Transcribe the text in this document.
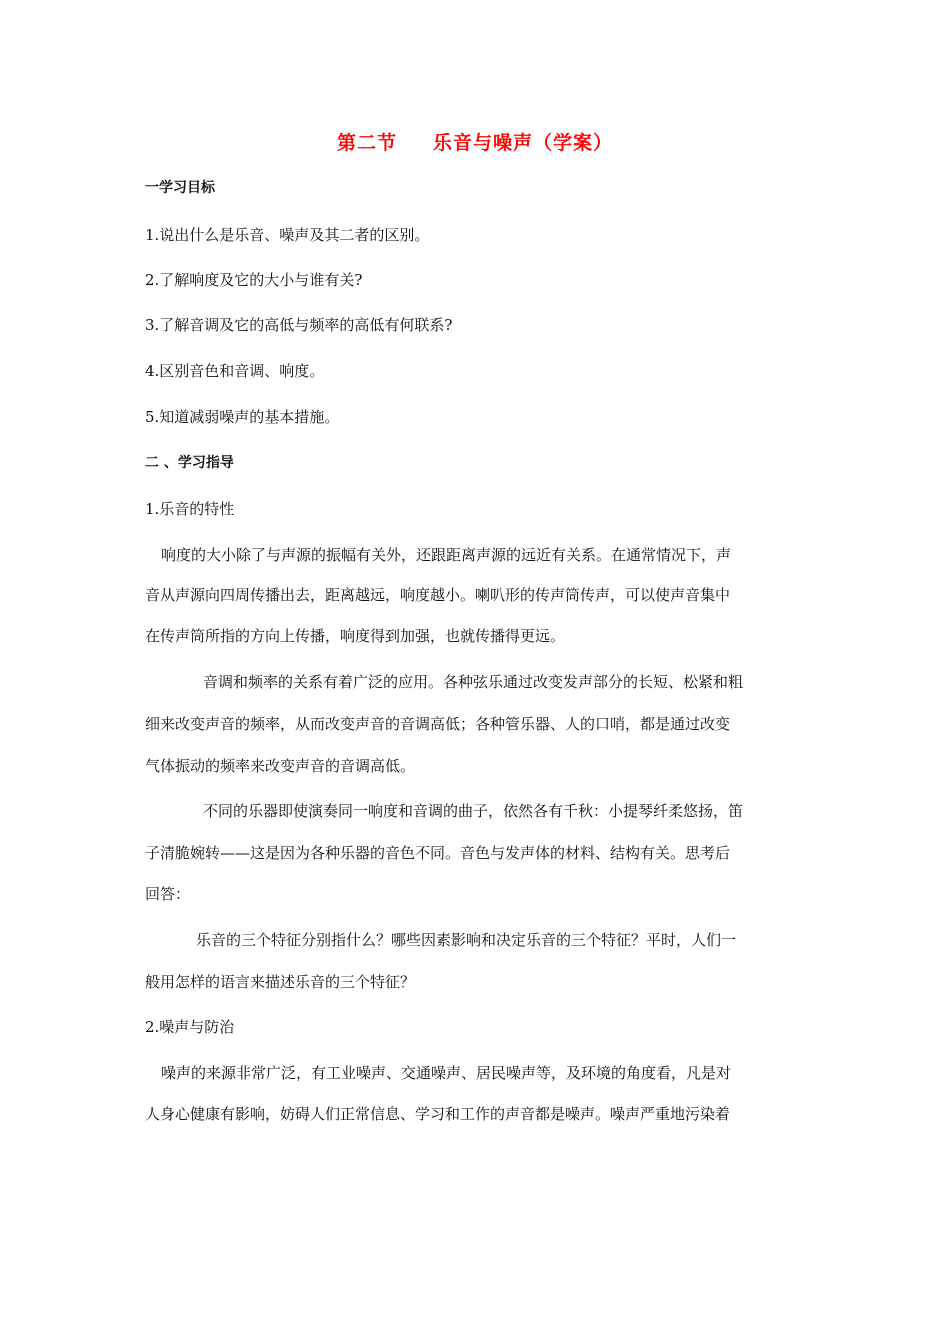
第二节 乐音与噪声（学案）
一学习目标
1.说出什么是乐音、噪声及其二者的区别。
2.了解响度及它的大小与谁有关?
3.了解音调及它的高低与频率的高低有何联系?
4.区别音色和音调、响度。
5.知道减弱噪声的基本措施。
二 、学习指导
1.乐音的特性
响度的大小除了与声源的振幅有关外，还跟距离声源的远近有关系。在通常情况下，声
音从声源向四周传播出去，距离越远，响度越小。喇叭形的传声筒传声，可以使声音集中
在传声筒所指的方向上传播，响度得到加强，也就传播得更远。
音调和频率的关系有着广泛的应用。各种弦乐通过改变发声部分的长短、松紧和粗
细来改变声音的频率，从而改变声音的音调高低；各种管乐器、人的口哨，都是通过改变
气体振动的频率来改变声音的音调高低。
不同的乐器即使演奏同一响度和音调的曲子，依然各有千秋：小提琴纤柔悠扬，笛
子清脆婉转——这是因为各种乐器的音色不同。音色与发声体的材料、结构有关。思考后
回答：
乐音的三个特征分别指什么？哪些因素影响和决定乐音的三个特征？平时，人们一
般用怎样的语言来描述乐音的三个特征？
2.噪声与防治
噪声的来源非常广泛，有工业噪声、交通噪声、居民噪声等，及环境的角度看，凡是对
人身心健康有影响，妨碍人们正常信息、学习和工作的声音都是噪声。噪声严重地污染着
